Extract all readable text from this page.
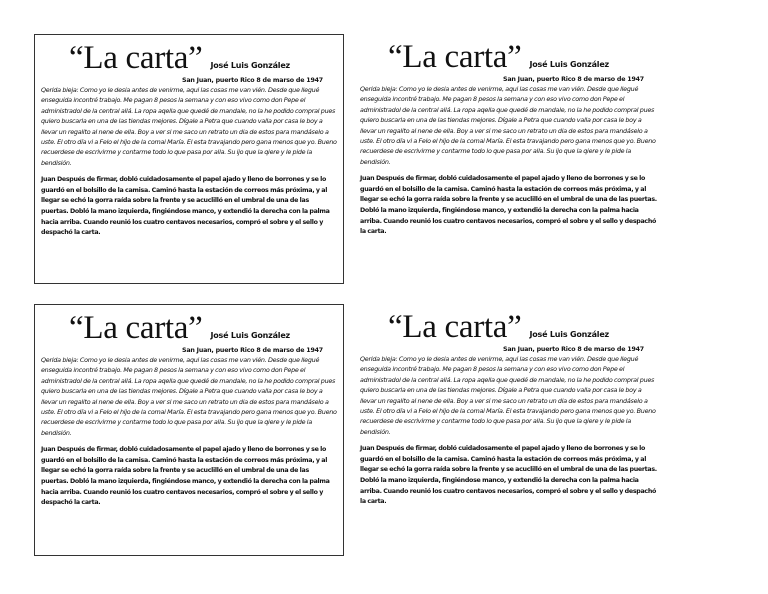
“La carta” José Luis González
San Juan, puerto Rico 8 de marso de 1947

Qerida bieja: Como yo le desia antes de venirme, aqui las cosas me van vién. Desde que llegué enseguida incontré trabajo. Me pagan 8 pesos la semana y con eso vivo como don Pepe el administradol de la central allá. La ropa aqella que quedé de mandale, no la he podido compral pues quiero buscarla en una de las tiendas mejores. Dígale a Petra que cuando valla por casa le boy a llevar un regalito al nene de ella. Boy a ver si me saco un retrato un dia de estos para mandáselo a uste. El otro día vi a Felo el hijo de la comai María. El esta travajando pero gana menos que yo. Bueno recuerdese de escrivirme y contarme todo lo que pasa por alla. Su ijo que la qiere y le pide la bendisión.

Juan Después de firmar, dobló cuidadosamente el papel ajado y lleno de borrones y se lo guardó en el bolsillo de la camisa. Caminó hasta la estación de correos más próxima, y al llegar se echó la gorra raída sobre la frente y se acuclilló en el umbral de una de las puertas. Dobló la mano izquierda, fingiéndose manco, y extendió la derecha con la palma hacia arriba. Cuando reunió los cuatro centavos necesarios, compró el sobre y el sello y despachó la carta.

“La carta” José Luis González
San Juan, puerto Rico 8 de marso de 1947

Qerida bieja: Como yo le desia antes de venirme, aqui las cosas me van vién. Desde que llegué enseguida incontré trabajo. Me pagan 8 pesos la semana y con eso vivo como don Pepe el administradol de la central allá. La ropa aqella que quedé de mandale, no la he podido compral pues quiero buscarla en una de las tiendas mejores. Dígale a Petra que cuando valla por casa le boy a llevar un regalito al nene de ella. Boy a ver si me saco un retrato un dia de estos para mandáselo a uste. El otro día vi a Felo el hijo de la comai María. El esta travajando pero gana menos que yo. Bueno recuerdese de escrivirme y contarme todo lo que pasa por alla. Su ijo que la qiere y le pide la bendisión.

Juan Después de firmar, dobló cuidadosamente el papel ajado y lleno de borrones y se lo guardó en el bolsillo de la camisa. Caminó hasta la estación de correos más próxima, y al llegar se echó la gorra raída sobre la frente y se acuclilló en el umbral de una de las puertas. Dobló la mano izquierda, fingiéndose manco, y extendió la derecha con la palma hacia arriba. Cuando reunió los cuatro centavos necesarios, compró el sobre y el sello y despachó la carta.

“La carta” José Luis González
San Juan, puerto Rico 8 de marso de 1947

Qerida bieja: Como yo le desia antes de venirme, aqui las cosas me van vién. Desde que llegué enseguida incontré trabajo. Me pagan 8 pesos la semana y con eso vivo como don Pepe el administradol de la central allá. La ropa aqella que quedé de mandale, no la he podido compral pues quiero buscarla en una de las tiendas mejores. Dígale a Petra que cuando valla por casa le boy a llevar un regalito al nene de ella. Boy a ver si me saco un retrato un dia de estos para mandáselo a uste. El otro día vi a Felo el hijo de la comai María. El esta travajando pero gana menos que yo. Bueno recuerdese de escrivirme y contarme todo lo que pasa por alla. Su ijo que la qiere y le pide la bendisión.

Juan Después de firmar, dobló cuidadosamente el papel ajado y lleno de borrones y se lo guardó en el bolsillo de la camisa. Caminó hasta la estación de correos más próxima, y al llegar se echó la gorra raída sobre la frente y se acuclilló en el umbral de una de las puertas. Dobló la mano izquierda, fingiéndose manco, y extendió la derecha con la palma hacia arriba. Cuando reunió los cuatro centavos necesarios, compró el sobre y el sello y despachó la carta.

“La carta” José Luis González
San Juan, puerto Rico 8 de marso de 1947

Qerida bieja: Como yo le desia antes de venirme, aqui las cosas me van vién. Desde que llegué enseguida incontré trabajo. Me pagan 8 pesos la semana y con eso vivo como don Pepe el administradol de la central allá. La ropa aqella que quedé de mandale, no la he podido compral pues quiero buscarla en una de las tiendas mejores. Dígale a Petra que cuando valla por casa le boy a llevar un regalito al nene de ella. Boy a ver si me saco un retrato un dia de estos para mandáselo a uste. El otro día vi a Felo el hijo de la comai María. El esta travajando pero gana menos que yo. Bueno recuerdese de escrivirme y contarme todo lo que pasa por alla. Su ijo que la qiere y le pide la bendisión.

Juan Después de firmar, dobló cuidadosamente el papel ajado y lleno de borrones y se lo guardó en el bolsillo de la camisa. Caminó hasta la estación de correos más próxima, y al llegar se echó la gorra raída sobre la frente y se acuclilló en el umbral de una de las puertas. Dobló la mano izquierda, fingiéndose manco, y extendió la derecha con la palma hacia arriba. Cuando reunió los cuatro centavos necesarios, compró el sobre y el sello y despachó la carta.
